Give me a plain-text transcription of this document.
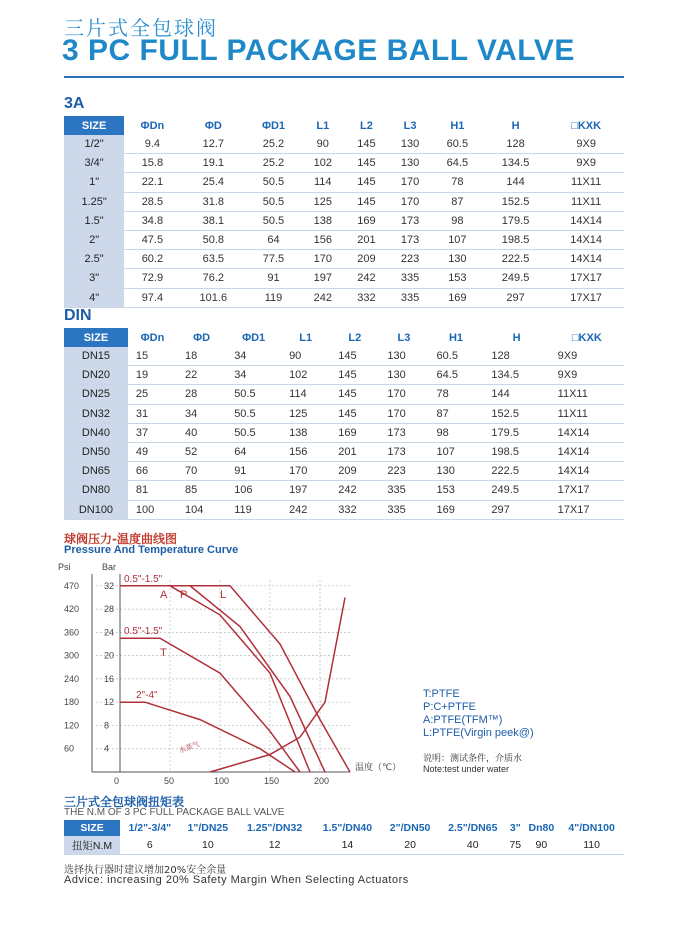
三片式全包球阀
3 PC FULL PACKAGE BALL VALVE
3A
SIZE	ΦDn	ΦD	ΦD1	L1	L2	L3	H1	H	□KXK
1/2"	9.4	12.7	25.2	90	145	130	60.5	128	9X9
3/4"	15.8	19.1	25.2	102	145	130	64.5	134.5	9X9
1"	22.1	25.4	50.5	114	145	170	78	144	11X11
1.25"	28.5	31.8	50.5	125	145	170	87	152.5	11X11
1.5"	34.8	38.1	50.5	138	169	173	98	179.5	14X14
2"	47.5	50.8	64	156	201	173	107	198.5	14X14
2.5"	60.2	63.5	77.5	170	209	223	130	222.5	14X14
3"	72.9	76.2	91	197	242	335	153	249.5	17X17
4"	97.4	101.6	119	242	332	335	169	297	17X17
DIN
SIZE	ΦDn	ΦD	ΦD1	L1	L2	L3	H1	H	□KXK
DN15	15	18	34	90	145	130	60.5	128	9X9
DN20	19	22	34	102	145	130	64.5	134.5	9X9
DN25	25	28	50.5	114	145	170	78	144	11X11
DN32	31	34	50.5	125	145	170	87	152.5	11X11
DN40	37	40	50.5	138	169	173	98	179.5	14X14
DN50	49	52	64	156	201	173	107	198.5	14X14
DN65	66	70	91	170	209	223	130	222.5	14X14
DN80	81	85	106	197	242	335	153	249.5	17X17
DN100	100	104	119	242	332	335	169	297	17X17
球阀压力-温度曲线图
Pressure And Temperature Curve
32
470
28
420
24
360
20
300
16
240
12
180
8
120
4
60
0	50	100	150	200
A P	L
T
0.5"-1.5"
0.5"-1.5"
2"-4"
Psi	Bar
温度（℃）
水蒸气
T:PTFE
P:C+PTFE
A:PTFE(TFM™)
L:PTFE(Virgin peek@)
说明：测试条件，介质水
Note:test under water
三片式全包球阀扭矩表
THE N.M OF 3 PC FULL PACKAGE BALL VALVE
SIZE	1/2"-3/4"	1"/DN25	1.25"/DN32	1.5"/DN40	2"/DN50	2.5"/DN65	3"	Dn80	4"/DN100
扭矩N.M	6	10	12	14	20	40	75	90	110
选择执行器时建议增加20%安全余量
Advice: increasing 20% Safety Margin When Selecting Actuators
